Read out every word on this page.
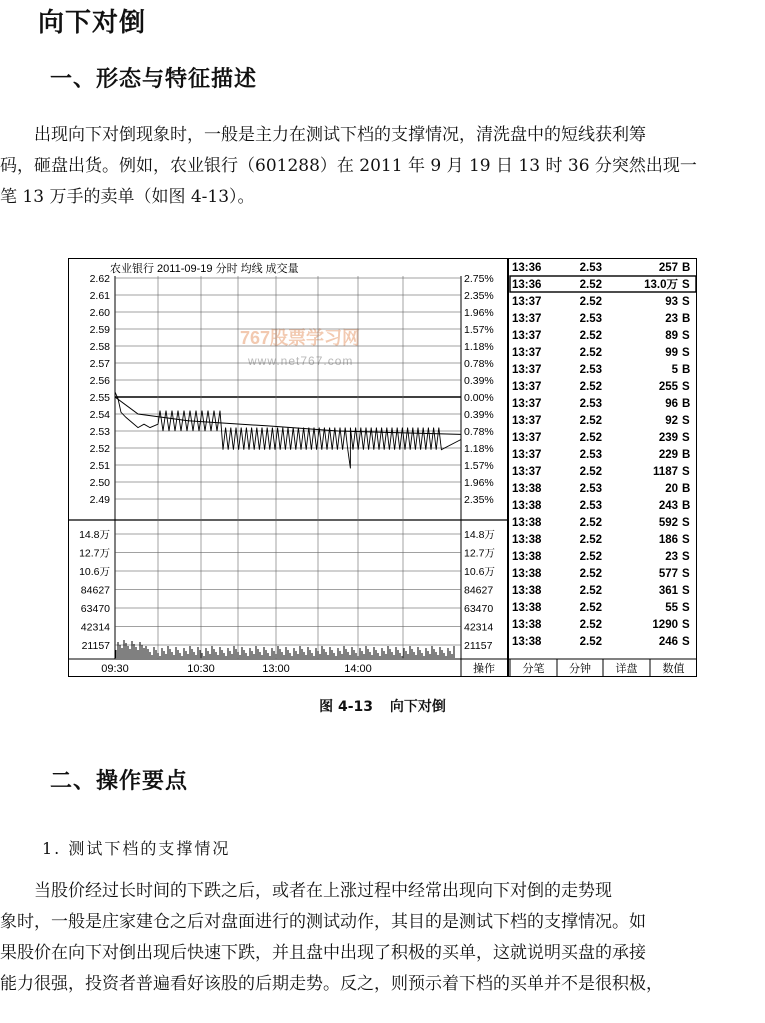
向下对倒
一、形态与特征描述

出现向下对倒现象时，一般是主力在测试下档的支撑情况，清洗盘中的短线获利筹

码，砸盘出货。例如，农业银行（601288）在 2011 年 9 月 19 日 13 时 36 分突然出现一

笔 13 万手的卖单（如图 4-13）。

农业银行 2011-09-19 分时 均线 成交量
767股票学习网
www.net767.com
2.62
2.61
2.60
2.59
2.58
2.57
2.56
2.55
2.54
2.53
2.52
2.51
2.50
2.49
2.75%
2.35%
1.96%
1.57%
1.18%
0.78%
0.39%
0.00%
0.39%
0.78%
1.18%
1.57%
1.96%
2.35%
14.8万	14.8万
12.7万	12.7万
10.6万	10.6万
84627	84627
63470	63470
42314	42314
21157	21157
09:30	10:30	13:00	14:00	操作
13:36	2.53	257 B
13:36	2.52	13.0万 S
13:37	2.52	93 S
13:37	2.53	23 B
13:37	2.52	89 S
13:37	2.52	99 S
13:37	2.53	5 B
13:37	2.52	255 S
13:37	2.53	96 B
13:37	2.52	92 S
13:37	2.52	239 S
13:37	2.53	229 B
13:37	2.52	1187 S
13:38	2.53	20 B
13:38	2.53	243 B
13:38	2.52	592 S
13:38	2.52	186 S
13:38	2.52	23 S
13:38	2.52	577 S
13:38	2.52	361 S
13:38	2.52	55 S
13:38	2.52	1290 S
13:38	2.52	246 S
分笔 分钟 详盘 数值
图 4-13 向下对倒
二、操作要点
1. 测试下档的支撑情况

当股价经过长时间的下跌之后，或者在上涨过程中经常出现向下对倒的走势现

象时，一般是庄家建仓之后对盘面进行的测试动作，其目的是测试下档的支撑情况。如

果股价在向下对倒出现后快速下跌，并且盘中出现了积极的买单，这就说明买盘的承接

能力很强，投资者普遍看好该股的后期走势。反之，则预示着下档的买单并不是很积极，
